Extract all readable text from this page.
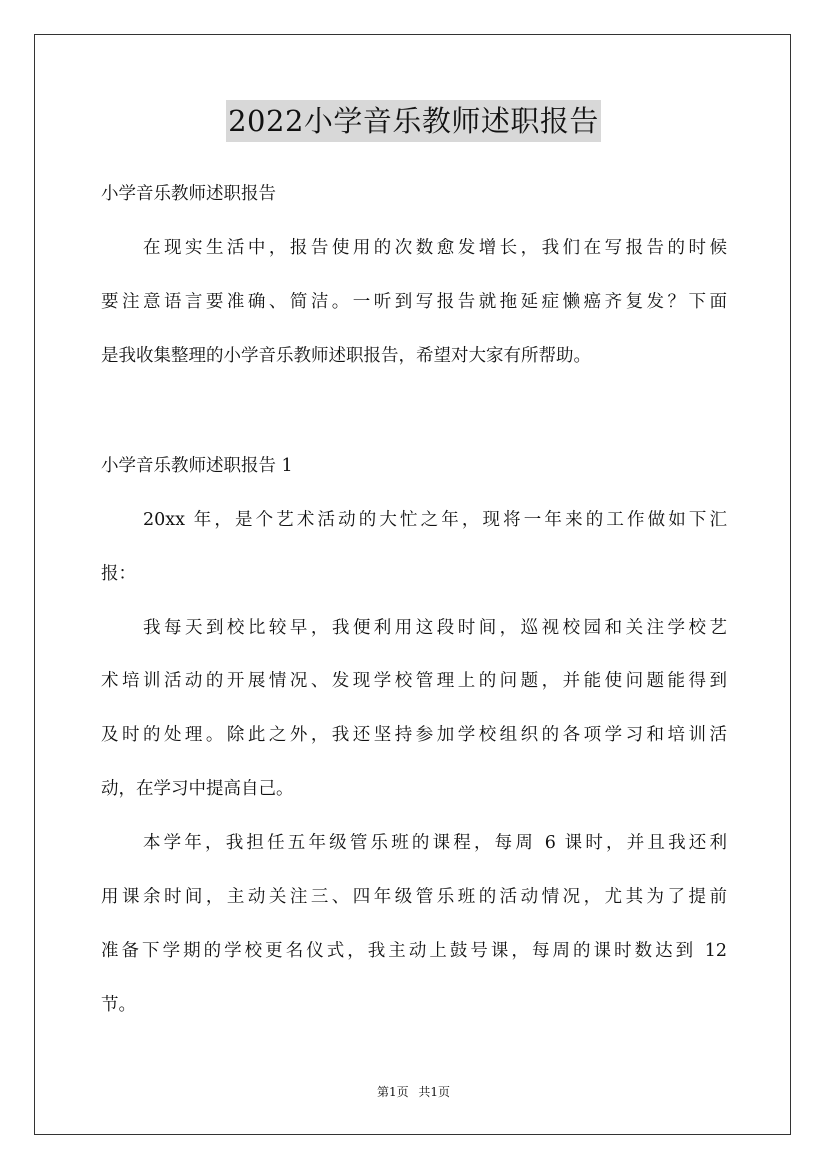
2022小学音乐教师述职报告

小学音乐教师述职报告

在现实生活中，报告使用的次数愈发增长，我们在写报告的时候

要注意语言要准确、简洁。一听到写报告就拖延症懒癌齐复发？下面

是我收集整理的小学音乐教师述职报告，希望对大家有所帮助。

小学音乐教师述职报告 1

20xx 年，是个艺术活动的大忙之年，现将一年来的工作做如下汇

报：

我每天到校比较早，我便利用这段时间，巡视校园和关注学校艺

术培训活动的开展情况、发现学校管理上的问题，并能使问题能得到

及时的处理。除此之外，我还坚持参加学校组织的各项学习和培训活

动，在学习中提高自己。

本学年，我担任五年级管乐班的课程，每周 6 课时，并且我还利

用课余时间，主动关注三、四年级管乐班的活动情况，尤其为了提前

准备下学期的学校更名仪式，我主动上鼓号课，每周的课时数达到 12

节。

第1页 共1页
